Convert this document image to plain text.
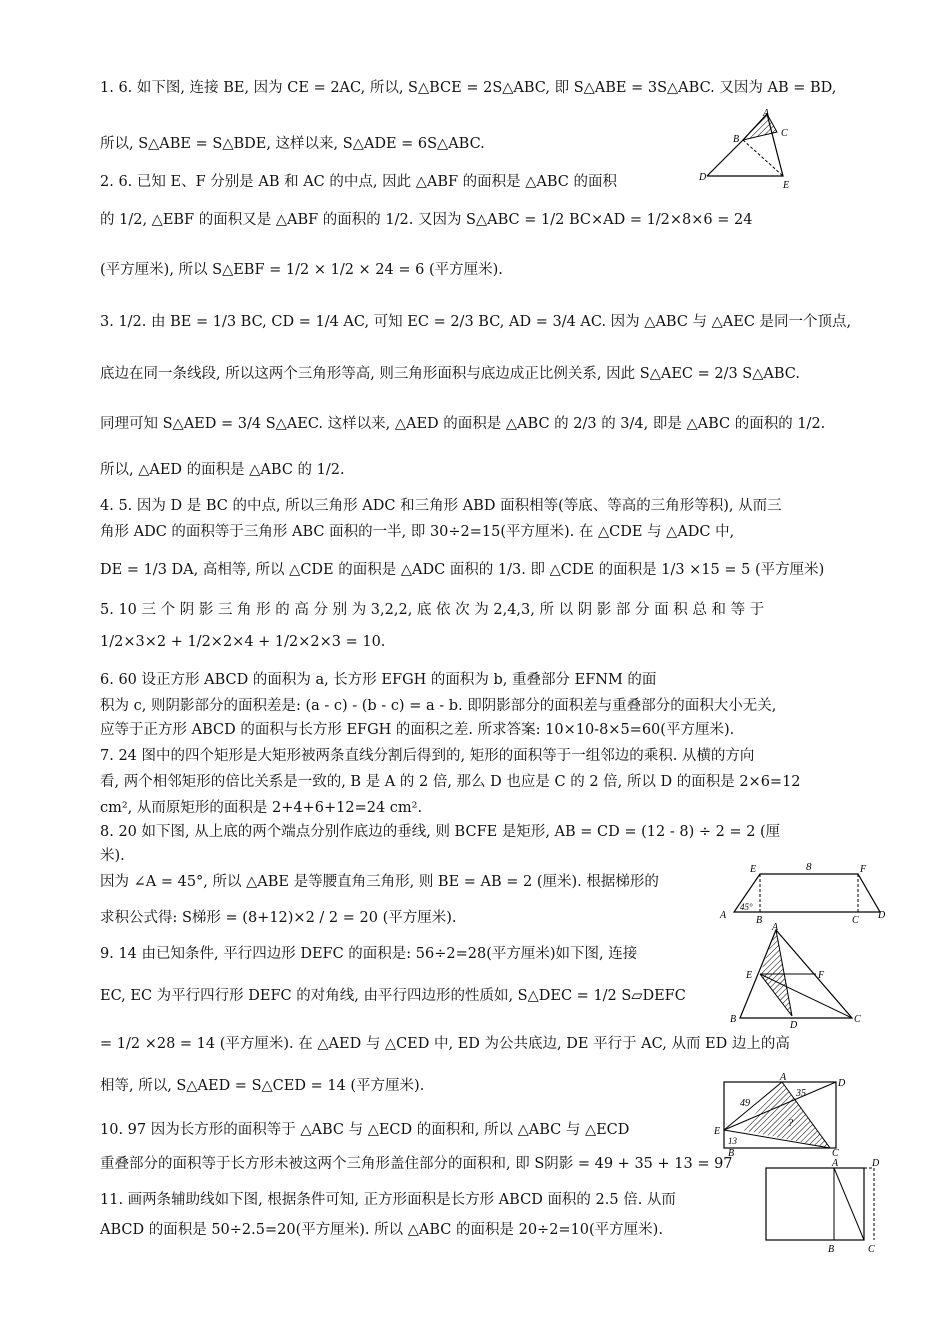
1. 6. 如下图, 连接 BE, 因为 CE = 2AC, 所以, S△BCE = 2S△ABC, 即 S△ABE = 3S△ABC. 又因为 AB = BD,
所以, S△ABE = S△BDE, 这样以来, S△ADE = 6S△ABC.
2. 6. 已知 E、F 分别是 AB 和 AC 的中点, 因此 △ABF 的面积是 △ABC 的面积
的 1/2, △EBF 的面积又是 △ABF 的面积的 1/2. 又因为 S△ABC = 1/2 BC×AD = 1/2×8×6 = 24
(平方厘米), 所以 S△EBF = 1/2 × 1/2 × 24 = 6 (平方厘米).
3. 1/2. 由 BE = 1/3 BC, CD = 1/4 AC, 可知 EC = 2/3 BC, AD = 3/4 AC. 因为 △ABC 与 △AEC 是同一个顶点,
底边在同一条线段, 所以这两个三角形等高, 则三角形面积与底边成正比例关系, 因此 S△AEC = 2/3 S△ABC.
同理可知 S△AED = 3/4 S△AEC. 这样以来, △AED 的面积是 △ABC 的 2/3 的 3/4, 即是 △ABC 的面积的 1/2.
所以, △AED 的面积是 △ABC 的 1/2.
4. 5. 因为 D 是 BC 的中点, 所以三角形 ADC 和三角形 ABD 面积相等(等底、等高的三角形等积), 从而三
角形 ADC 的面积等于三角形 ABC 面积的一半, 即 30÷2=15(平方厘米). 在 △CDE 与 △ADC 中,
DE = 1/3 DA, 高相等, 所以 △CDE 的面积是 △ADC 面积的 1/3. 即 △CDE 的面积是 1/3 ×15 = 5 (平方厘米)
5. 10 三 个 阴 影 三 角 形 的 高 分 别 为 3,2,2, 底 依 次 为 2,4,3, 所 以 阴 影 部 分 面 积 总 和 等 于
1/2×3×2 + 1/2×2×4 + 1/2×2×3 = 10.
6. 60 设正方形 ABCD 的面积为 a, 长方形 EFGH 的面积为 b, 重叠部分 EFNM 的面
积为 c, 则阴影部分的面积差是: (a - c) - (b - c) = a - b. 即阴影部分的面积差与重叠部分的面积大小无关,
应等于正方形 ABCD 的面积与长方形 EFGH 的面积之差. 所求答案: 10×10-8×5=60(平方厘米).
7. 24 图中的四个矩形是大矩形被两条直线分割后得到的, 矩形的面积等于一组邻边的乘积. 从横的方向
看, 两个相邻矩形的倍比关系是一致的, B 是 A 的 2 倍, 那么 D 也应是 C 的 2 倍, 所以 D 的面积是 2×6=12
cm², 从而原矩形的面积是 2+4+6+12=24 cm².
8. 20 如下图, 从上底的两个端点分别作底边的垂线, 则 BCFE 是矩形, AB = CD = (12 - 8) ÷ 2 = 2 (厘
米).
因为 ∠A = 45°, 所以 △ABE 是等腰直角三角形, 则 BE = AB = 2 (厘米). 根据梯形的
求积公式得: S梯形 = (8+12)×2 / 2 = 20 (平方厘米).
9. 14 由已知条件, 平行四边形 DEFC 的面积是: 56÷2=28(平方厘米)如下图, 连接
EC, EC 为平行四行形 DEFC 的对角线, 由平行四边形的性质如, S△DEC = 1/2 S▱DEFC
= 1/2 ×28 = 14 (平方厘米). 在 △AED 与 △CED 中, ED 为公共底边, DE 平行于 AC, 从而 ED 边上的高
相等, 所以, S△AED = S△CED = 14 (平方厘米).
10. 97 因为长方形的面积等于 △ABC 与 △ECD 的面积和, 所以 △ABC 与 △ECD
重叠部分的面积等于长方形未被这两个三角形盖住部分的面积和, 即 S阴影 = 49 + 35 + 13 = 97
11. 画两条辅助线如下图, 根据条件可知, 正方形面积是长方形 ABCD 面积的 2.5 倍. 从而
ABCD 的面积是 50÷2.5=20(平方厘米). 所以 △ABC 的面积是 20÷2=10(平方厘米).
A
B
C
D
E
8
E	F
A	B	C D
45°
A
E	F
B
D
C
A
D
E
B	C
49
35
13
?
A	D
B	C
